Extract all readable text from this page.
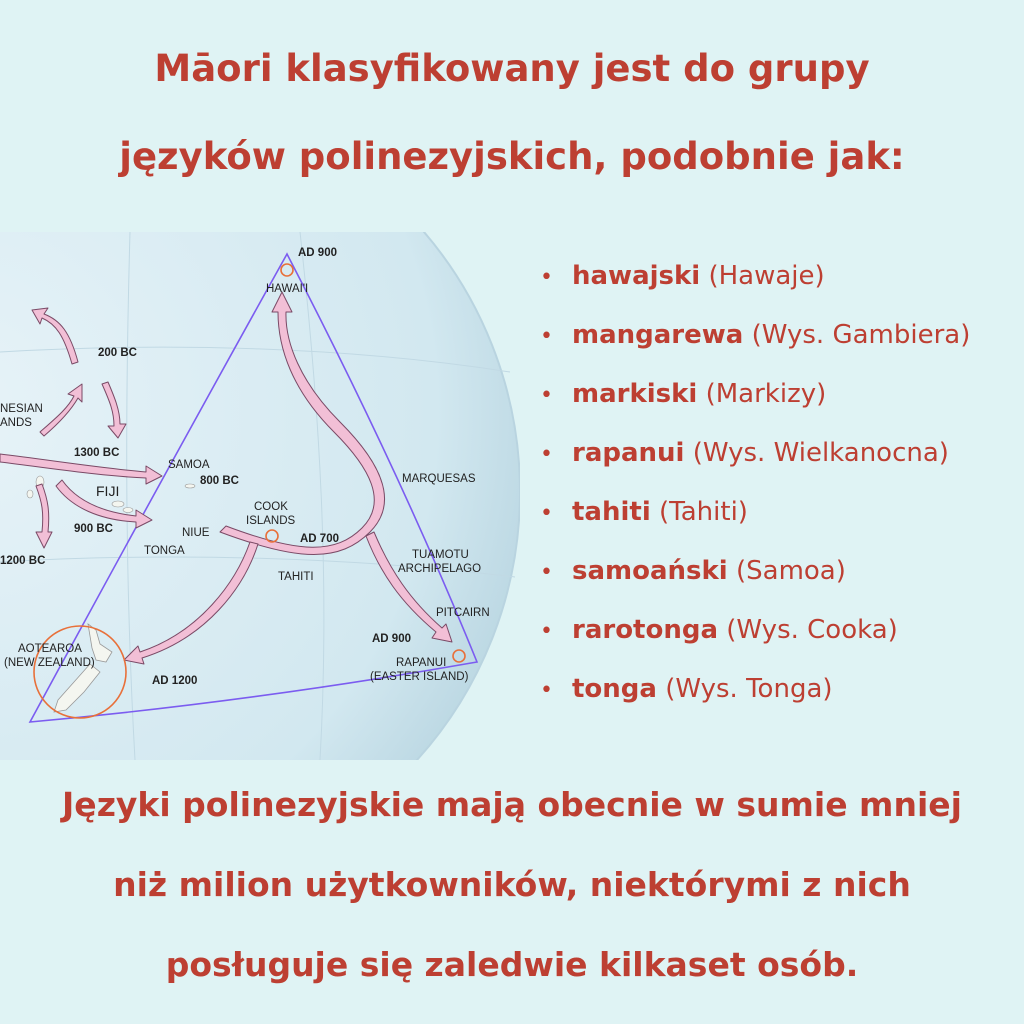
Māori klasyfikowany jest do grupy

języków polinezyjskich, podobnie jak:

AD 900
HAWAI'I
200 BC
NESIAN
ANDS
1300 BC
SAMOA
800 BC
FIJI
900 BC	NIUE
TONGA
1200 BC
COOK
ISLANDS
AD 700
TAHITI
MARQUESAS
TUAMOTU
ARCHIPELAGO
PITCAIRN
AD 900
RAPANUI
(EASTER ISLAND)
AOTEAROA
(NEW ZEALAND)
AD 1200
• hawajski (Hawaje)
• mangarewa (Wys. Gambiera)
• markiski (Markizy)
• rapanui (Wys. Wielkanocna)
• tahiti (Tahiti)
• samoański (Samoa)
• rarotonga (Wys. Cooka)
• tonga (Wys. Tonga)

Języki polinezyjskie mają obecnie w sumie mniej

niż milion użytkowników, niektórymi z nich

posługuje się zaledwie kilkaset osób.
